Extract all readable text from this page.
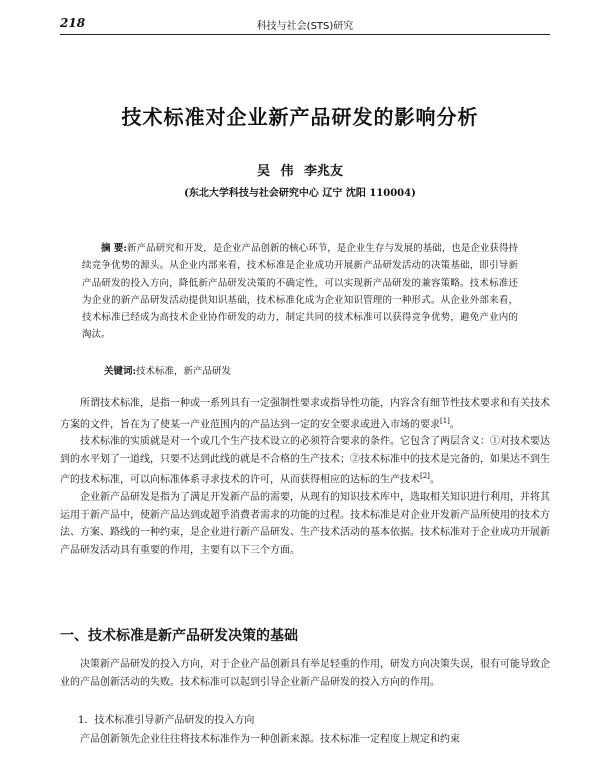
218	科技与社会(STS)研究
技术标准对企业新产品研发的影响分析
吴 伟 李兆友
(东北大学科技与社会研究中心 辽宁 沈阳 110004)
摘 要:新产品研究和开发，是企业产品创新的核心环节，是企业生存与发展的基础，也是企业获得持续竞争优势的源头。从企业内部来看，技术标准是企业成功开展新产品研发活动的决策基础，即引导新产品研发的投入方向，降低新产品研发决策的不确定性，可以实现新产品研发的兼容策略。技术标准还为企业的新产品研发活动提供知识基础，技术标准化成为企业知识管理的一种形式。从企业外部来看，技术标准已经成为高技术企业协作研发的动力，制定共同的技术标准可以获得竞争优势，避免产业内的淘汰。
关键词:技术标准，新产品研发

所谓技术标准，是指一种或一系列具有一定强制性要求或指导性功能，内容含有细节性技术要求和有关技术方案的文件，旨在为了使某一产业范围内的产品达到一定的安全要求或进入市场的要求[1]。

技术标准的实质就是对一个或几个生产技术设立的必须符合要求的条件。它包含了两层含义：①对技术要达到的水平划了一道线，只要不达到此线的就是不合格的生产技术；②技术标准中的技术是完备的，如果达不到生产的技术标准，可以向标准体系寻求技术的许可，从而获得相应的达标的生产技术[2]。

企业新产品研发是指为了满足开发新产品的需要，从现有的知识技术库中，选取相关知识进行利用，并将其运用于新产品中，使新产品达到或超乎消费者需求的功能的过程。技术标准是对企业开发新产品所使用的技术方法、方案、路线的一种约束，是企业进行新产品研发、生产技术活动的基本依据。技术标准对于企业成功开展新产品研发活动具有重要的作用，主要有以下三个方面。

一、技术标准是新产品研发决策的基础

决策新产品研发的投入方向，对于企业产品创新具有举足轻重的作用，研发方向决策失误，很有可能导致企业的产品创新活动的失败。技术标准可以起到引导企业新产品研发的投入方向的作用。

1．技术标准引导新产品研发的投入方向

产品创新领先企业往往将技术标准作为一种创新来源。技术标准一定程度上规定和约束
